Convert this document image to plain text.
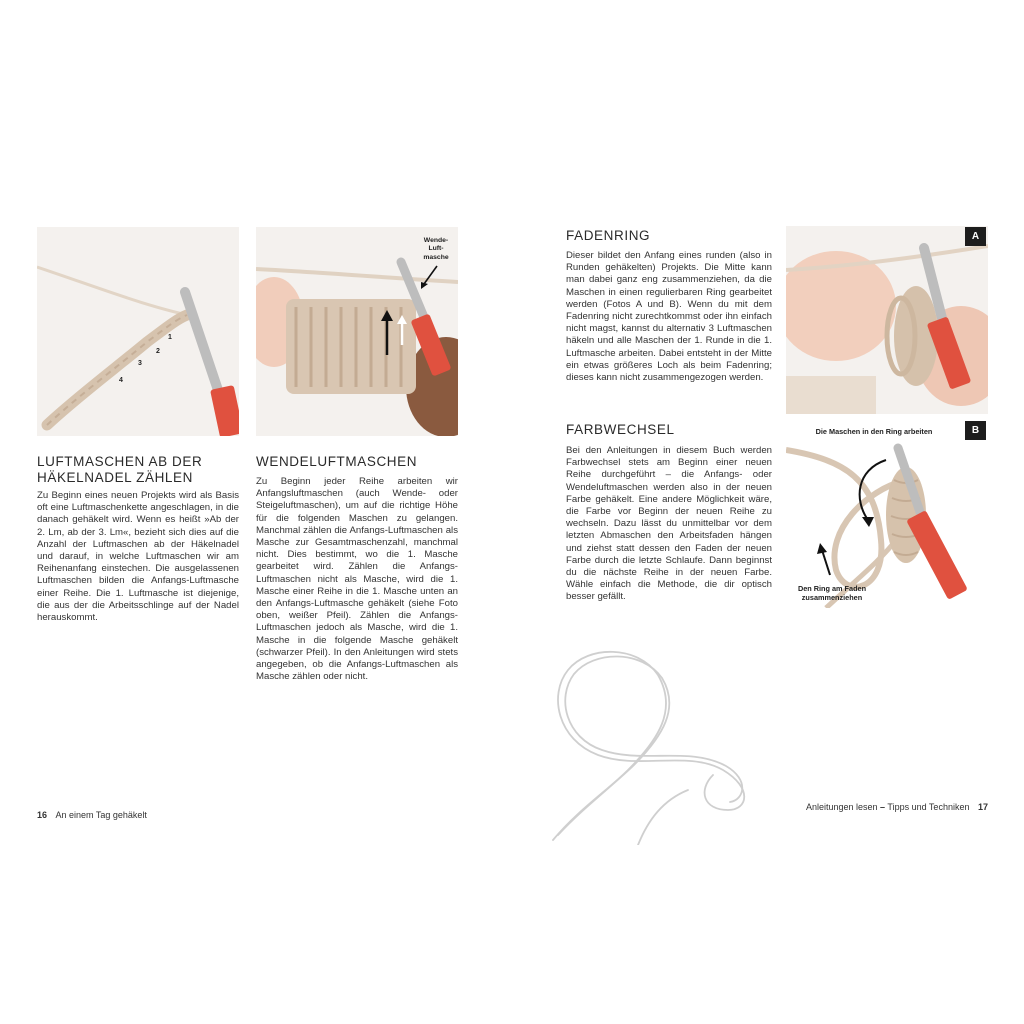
1
2
3
4
Wende-
Luft-
masche
LUFTMASCHEN AB DER
HÄKELNADEL ZÄHLEN
Zu Beginn eines neuen Projekts wird als Basis oft eine Luftmaschenkette angeschlagen, in die danach gehäkelt wird. Wenn es heißt »Ab der 2. Lm, ab der 3. Lm«, bezieht sich dies auf die Anzahl der Luftmaschen ab der Häkelnadel und darauf, in welche Luftmaschen wir am Reihenanfang einstechen. Die ausgelassenen Luftmaschen bilden die Anfangs-Luftmasche einer Reihe. Die 1. Luftmasche ist diejenige, die aus der die Arbeitsschlinge auf der Nadel herauskommt.
WENDELUFTMASCHEN
Zu Beginn jeder Reihe arbeiten wir Anfangsluftmaschen (auch Wende- oder Steigeluftmaschen), um auf die richtige Höhe für die folgenden Maschen zu gelangen. Manchmal zählen die Anfangs-Luftmaschen als Masche zur Gesamtmaschenzahl, manchmal nicht. Dies bestimmt, wo die 1. Masche gearbeitet wird. Zählen die Anfangs-Luftmaschen nicht als Masche, wird die 1. Masche einer Reihe in die 1. Masche unten an den Anfangs-Luftmasche gehäkelt (siehe Foto oben, weißer Pfeil). Zählen die Anfangs-Luftmaschen jedoch als Masche, wird die 1. Masche in die folgende Masche gehäkelt (schwarzer Pfeil). In den Anleitungen wird stets angegeben, ob die Anfangs-Luftmaschen als Masche zählen oder nicht.
16 An einem Tag gehäkelt
FADENRING
Dieser bildet den Anfang eines runden (also in Runden gehäkelten) Projekts. Die Mitte kann man dabei ganz eng zusammenziehen, da die Maschen in einen regulierbaren Ring gearbeitet werden (Fotos A und B). Wenn du mit dem Fadenring nicht zurechtkommst oder ihn einfach nicht magst, kannst du alternativ 3 Luftmaschen häkeln und alle Maschen der 1. Runde in die 1. Luftmasche arbeiten. Dabei entsteht in der Mitte ein etwas größeres Loch als beim Fadenring; dieses kann nicht zusammengezogen werden.
FARBWECHSEL
Bei den Anleitungen in diesem Buch werden Farbwechsel stets am Beginn einer neuen Reihe durchgeführt – die Anfangs- oder Wendeluftmaschen werden also in der neuen Farbe gehäkelt. Eine andere Möglichkeit wäre, die Farbe vor Beginn der neuen Reihe zu wechseln. Dazu lässt du unmittelbar vor dem letzten Abmaschen den Arbeitsfaden hängen und ziehst statt dessen den Faden der neuen Farbe durch die letzte Schlaufe. Dann beginnst du die nächste Reihe in der neuen Farbe. Wähle einfach die Methode, die dir optisch besser gefällt.
A
B
Die Maschen in den Ring arbeiten
Den Ring am Faden
zusammenziehen
Anleitungen lesen – Tipps und Techniken 17
